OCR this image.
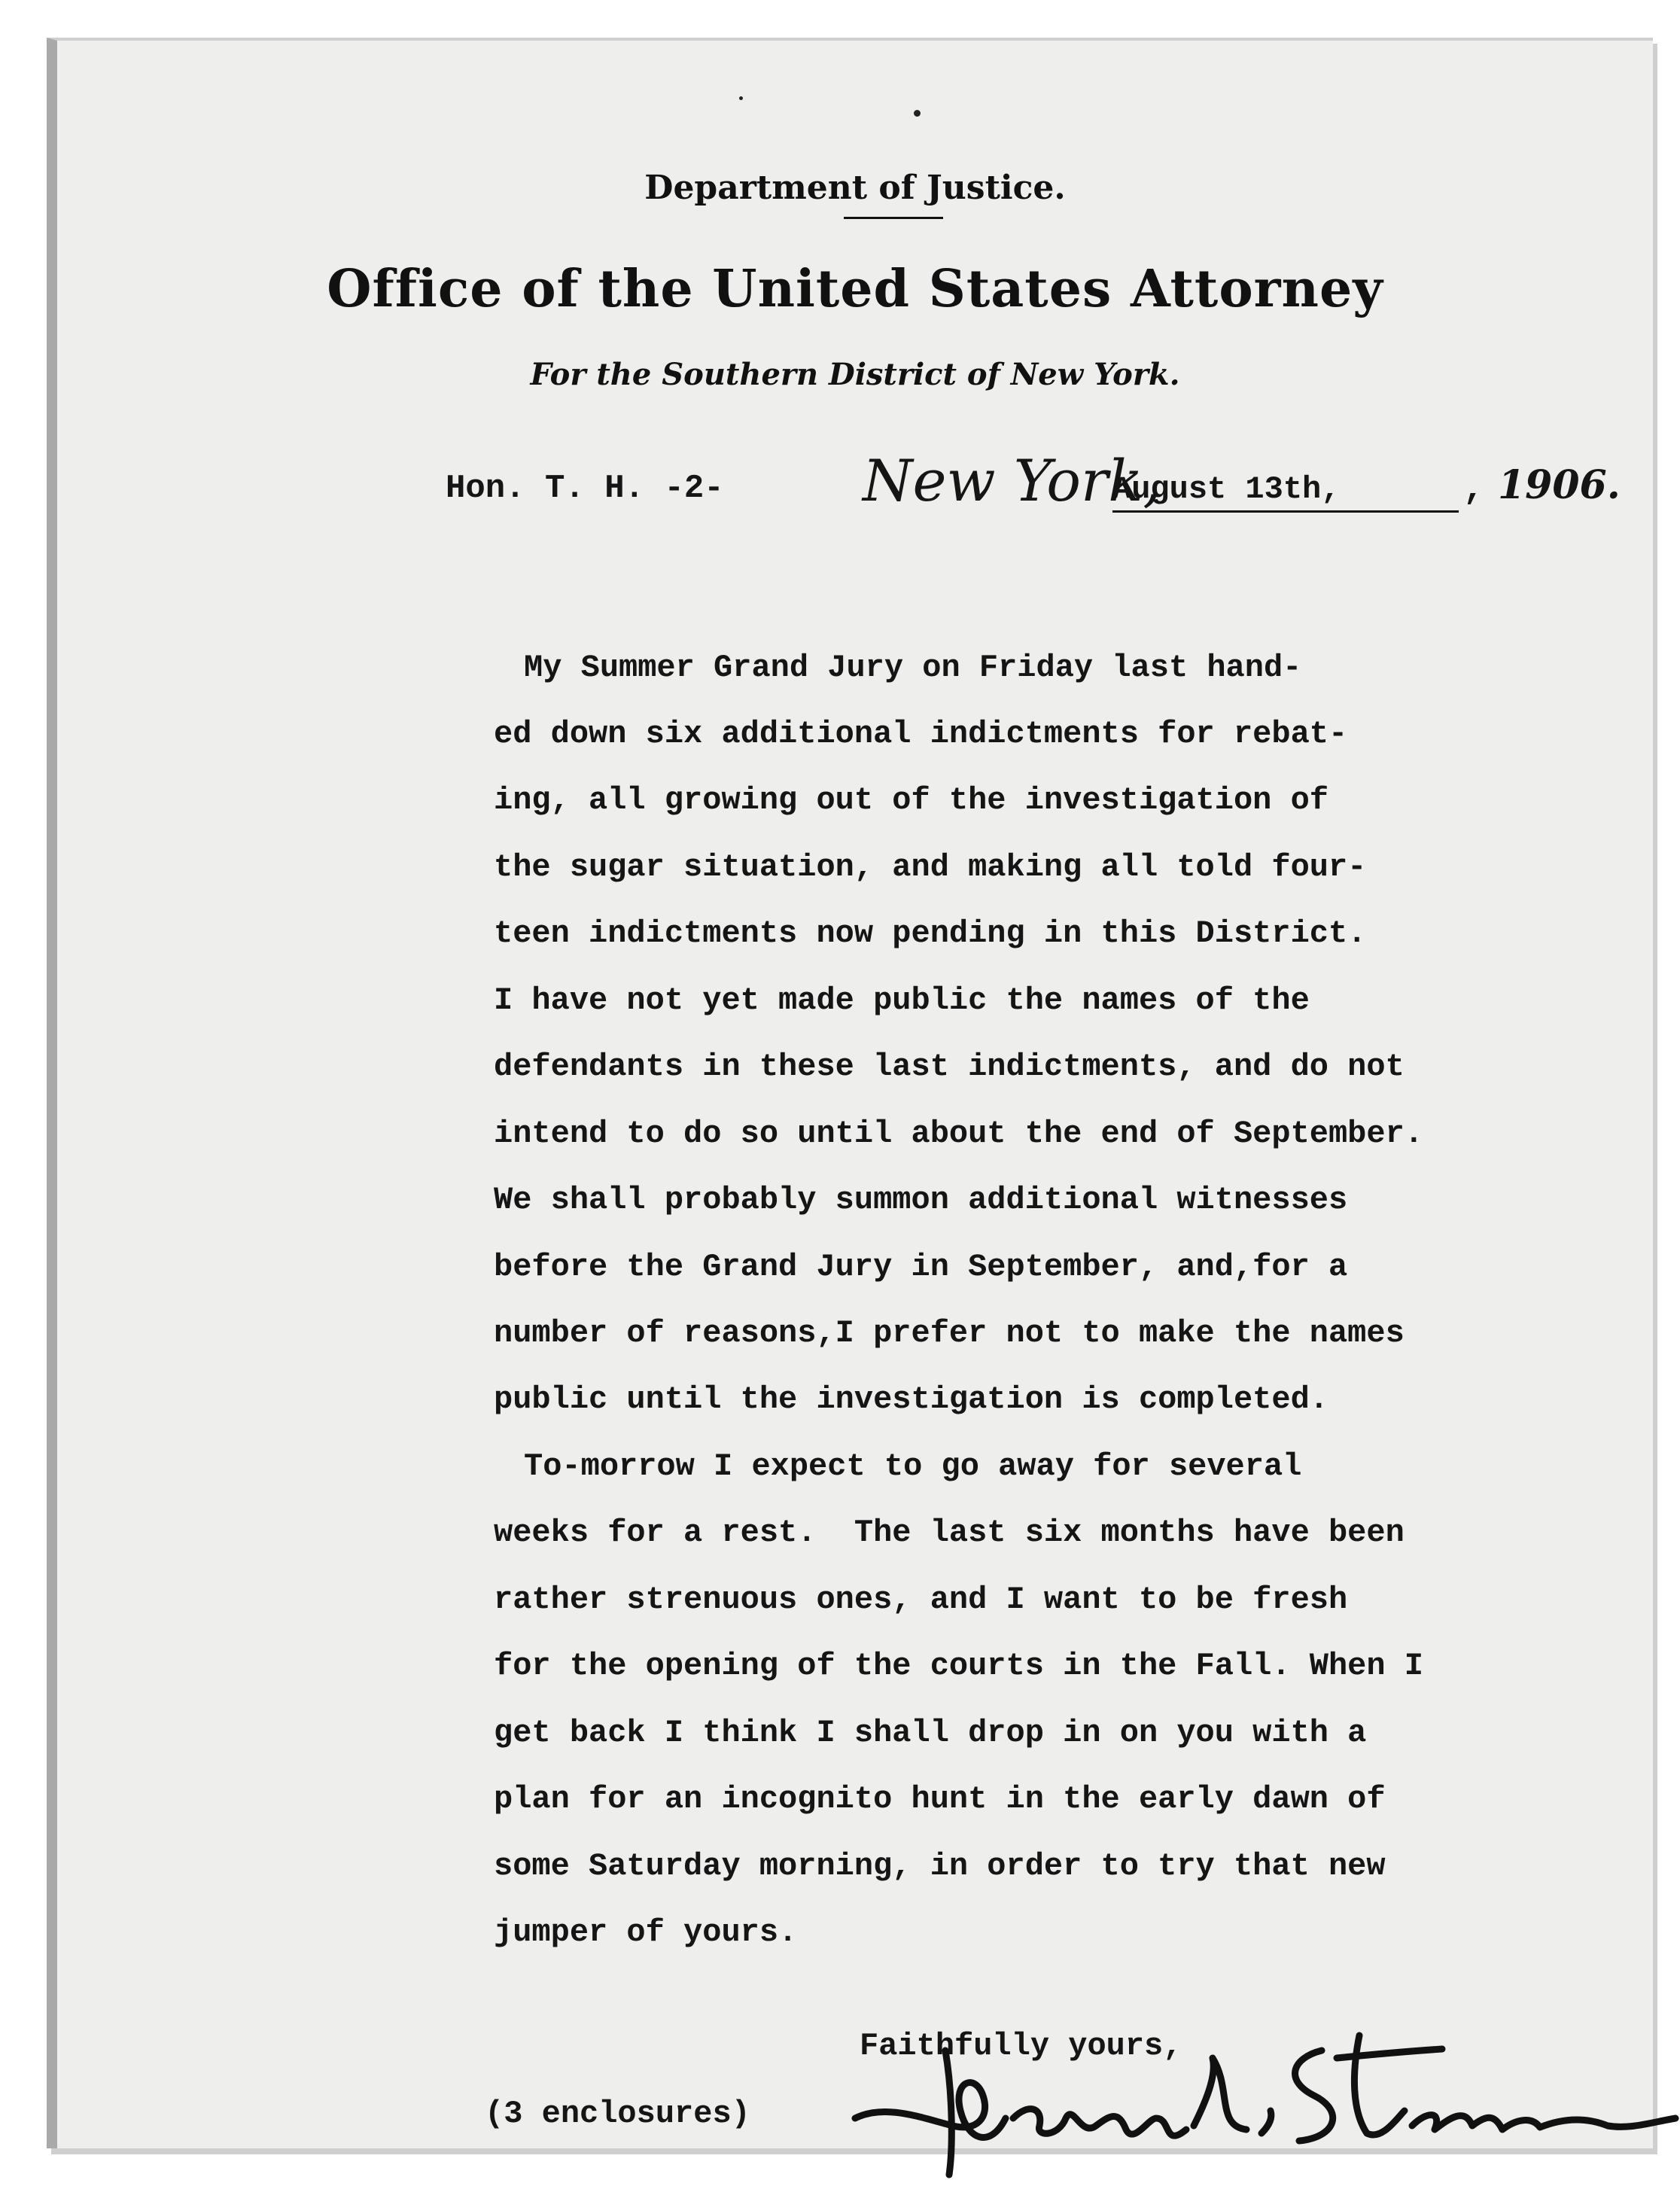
Department of Justice.
Office of the United States Attorney
For the Southern District of New York.
Hon. T. H. -2- New York,
August 13th,	, 1906.
My Summer Grand Jury on Friday last hand-
ed down six additional indictments for rebat-
ing, all growing out of the investigation of
the sugar situation, and making all told four-
teen indictments now pending in this District.
I have not yet made public the names of the
defendants in these last indictments, and do not
intend to do so until about the end of September.
We shall probably summon additional witnesses
before the Grand Jury in September, and,for a
number of reasons,I prefer not to make the names
public until the investigation is completed.
To-morrow I expect to go away for several
weeks for a rest.  The last six months have been
rather strenuous ones, and I want to be fresh
for the opening of the courts in the Fall. When I
get back I think I shall drop in on you with a
plan for an incognito hunt in the early dawn of
some Saturday morning, in order to try that new
jumper of yours.
Faithfully yours,
(3 enclosures)
